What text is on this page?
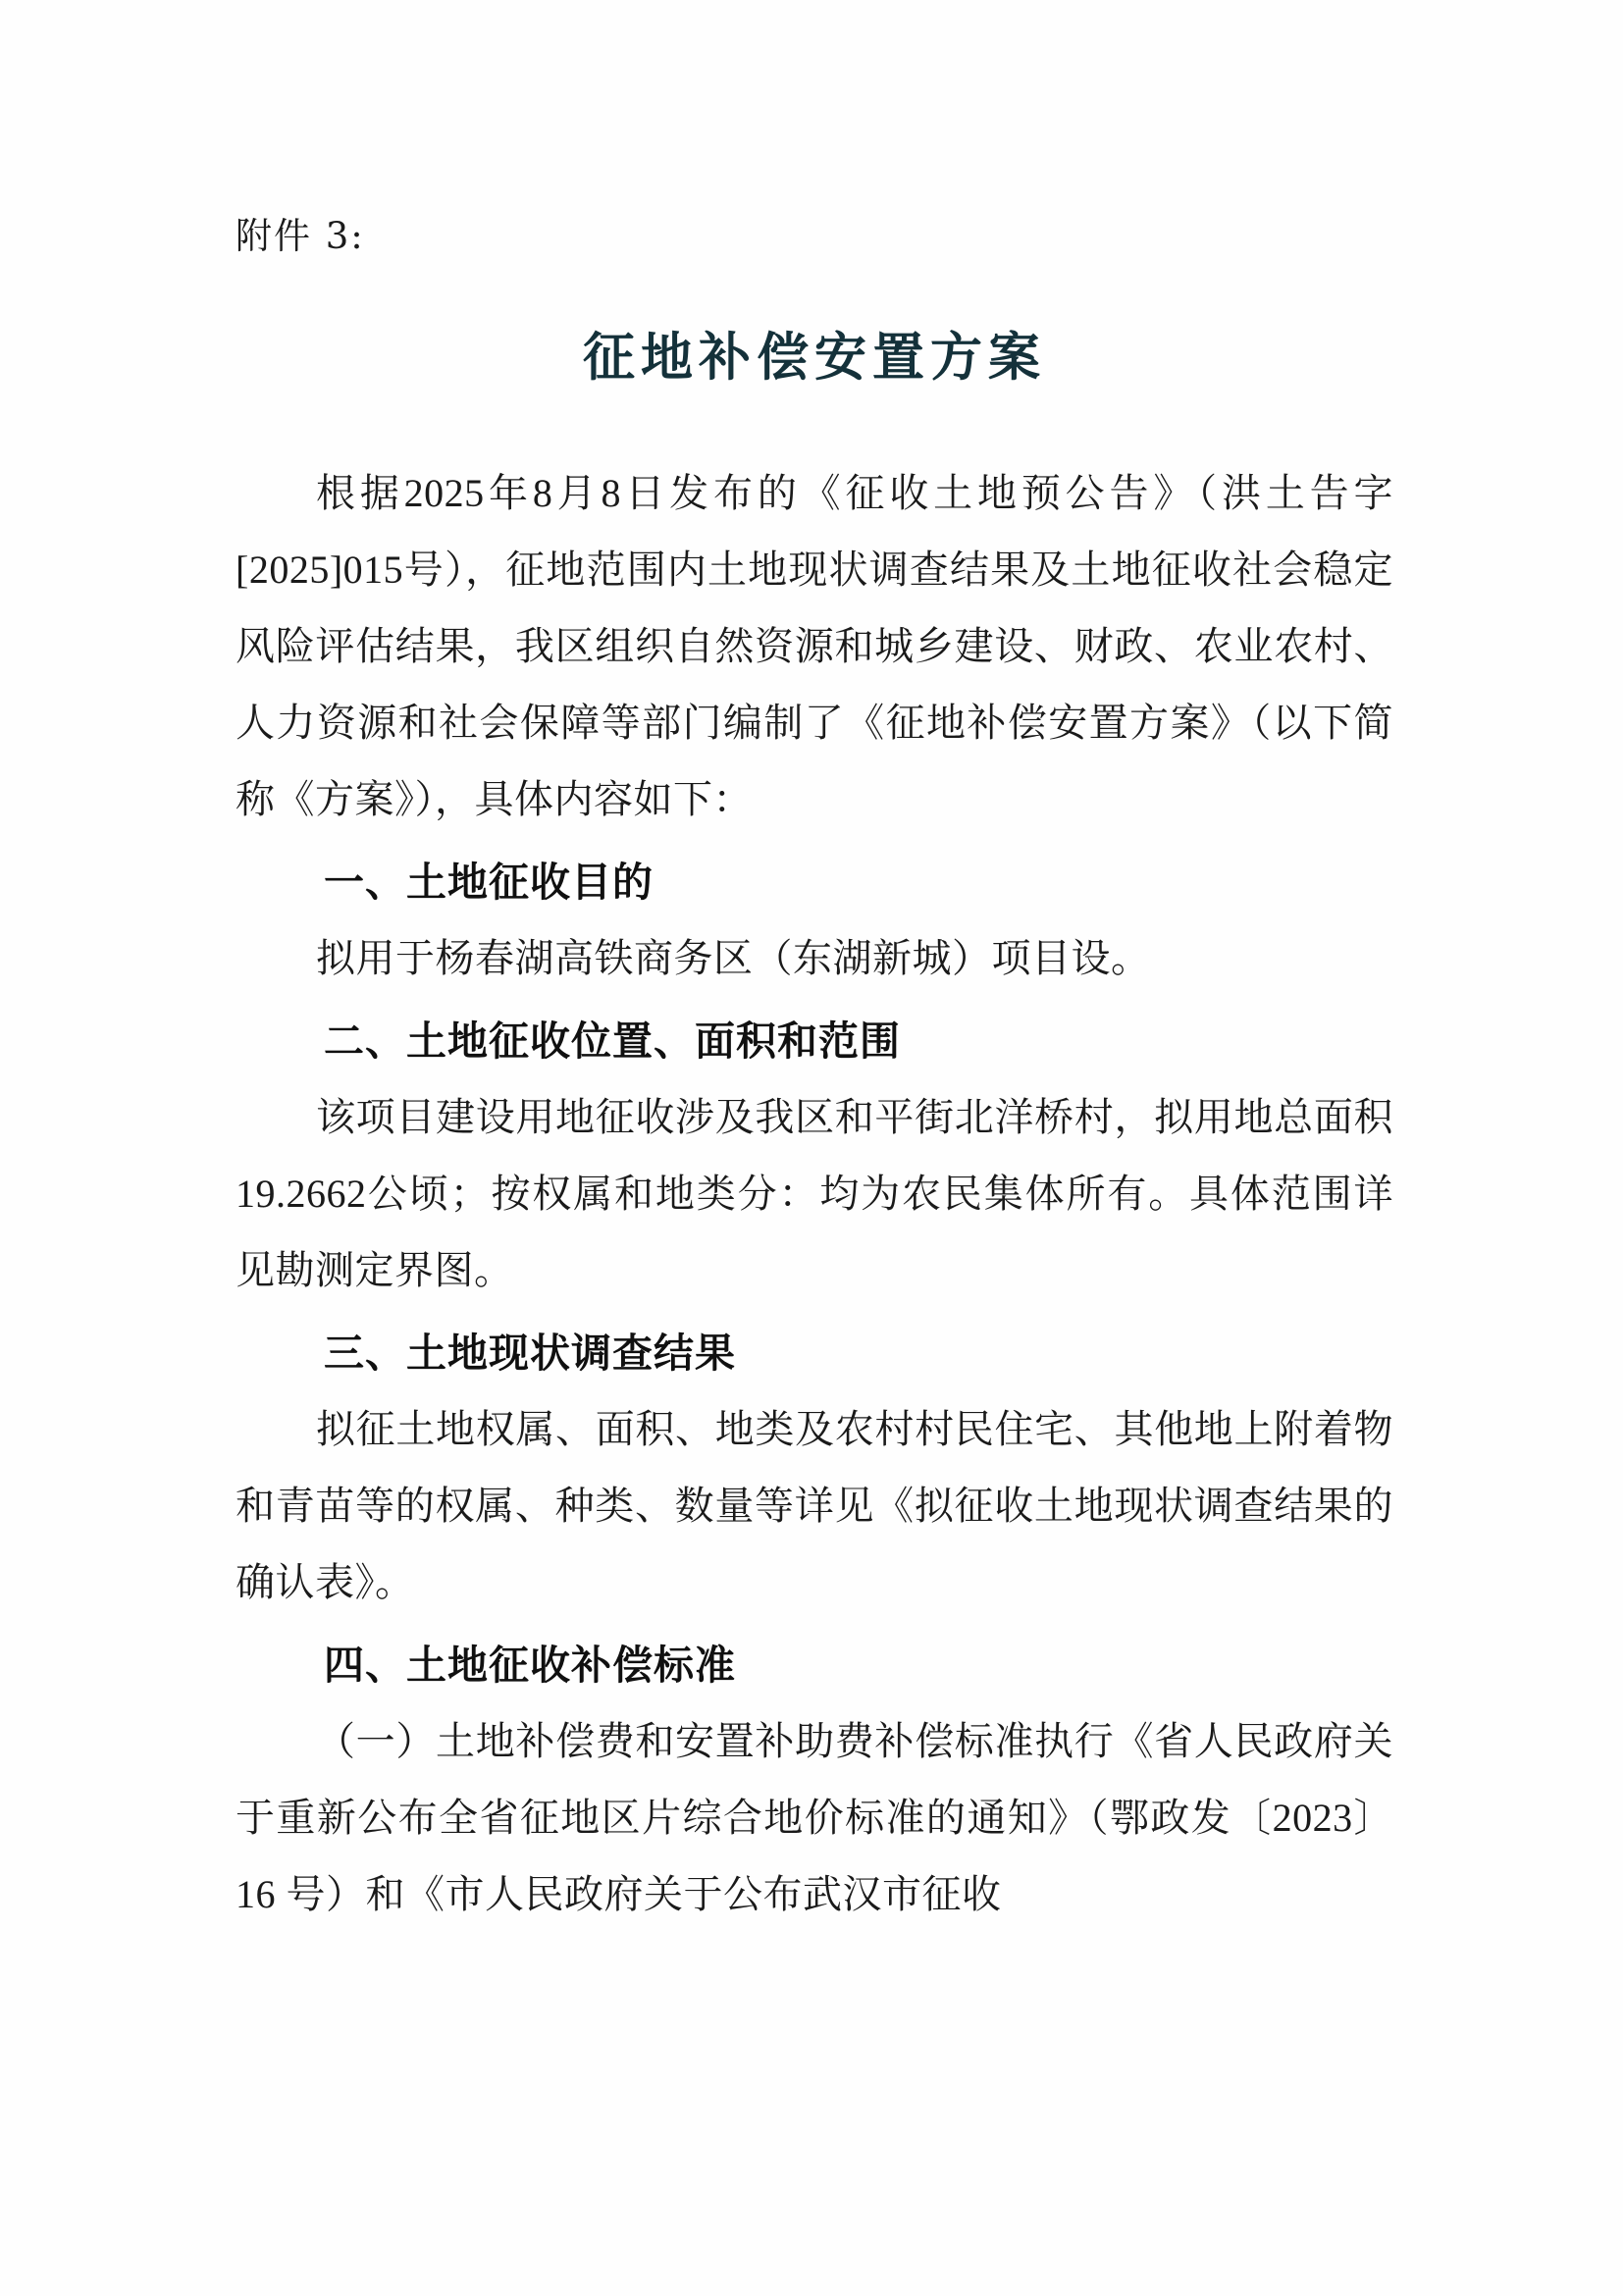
附件 3:
征地补偿安置方案

根据2025年8月8日发布的《征收土地预公告》（洪土告字[2025]015号），征地范围内土地现状调查结果及土地征收社会稳定风险评估结果，我区组织自然资源和城乡建设、财政、农业农村、人力资源和社会保障等部门编制了《征地补偿安置方案》（以下简称《方案》），具体内容如下：

一、土地征收目的

拟用于杨春湖高铁商务区（东湖新城）项目设。

二、土地征收位置、面积和范围

该项目建设用地征收涉及我区和平街北洋桥村，拟用地总面积19.2662公顷；按权属和地类分：均为农民集体所有。具体范围详见勘测定界图。

三、土地现状调查结果

拟征土地权属、面积、地类及农村村民住宅、其他地上附着物和青苗等的权属、种类、数量等详见《拟征收土地现状调查结果的确认表》。

四、土地征收补偿标准

（一）土地补偿费和安置补助费补偿标准执行《省人民政府关于重新公布全省征地区片综合地价标准的通知》（鄂政发〔2023〕16 号）和《市人民政府关于公布武汉市征收
